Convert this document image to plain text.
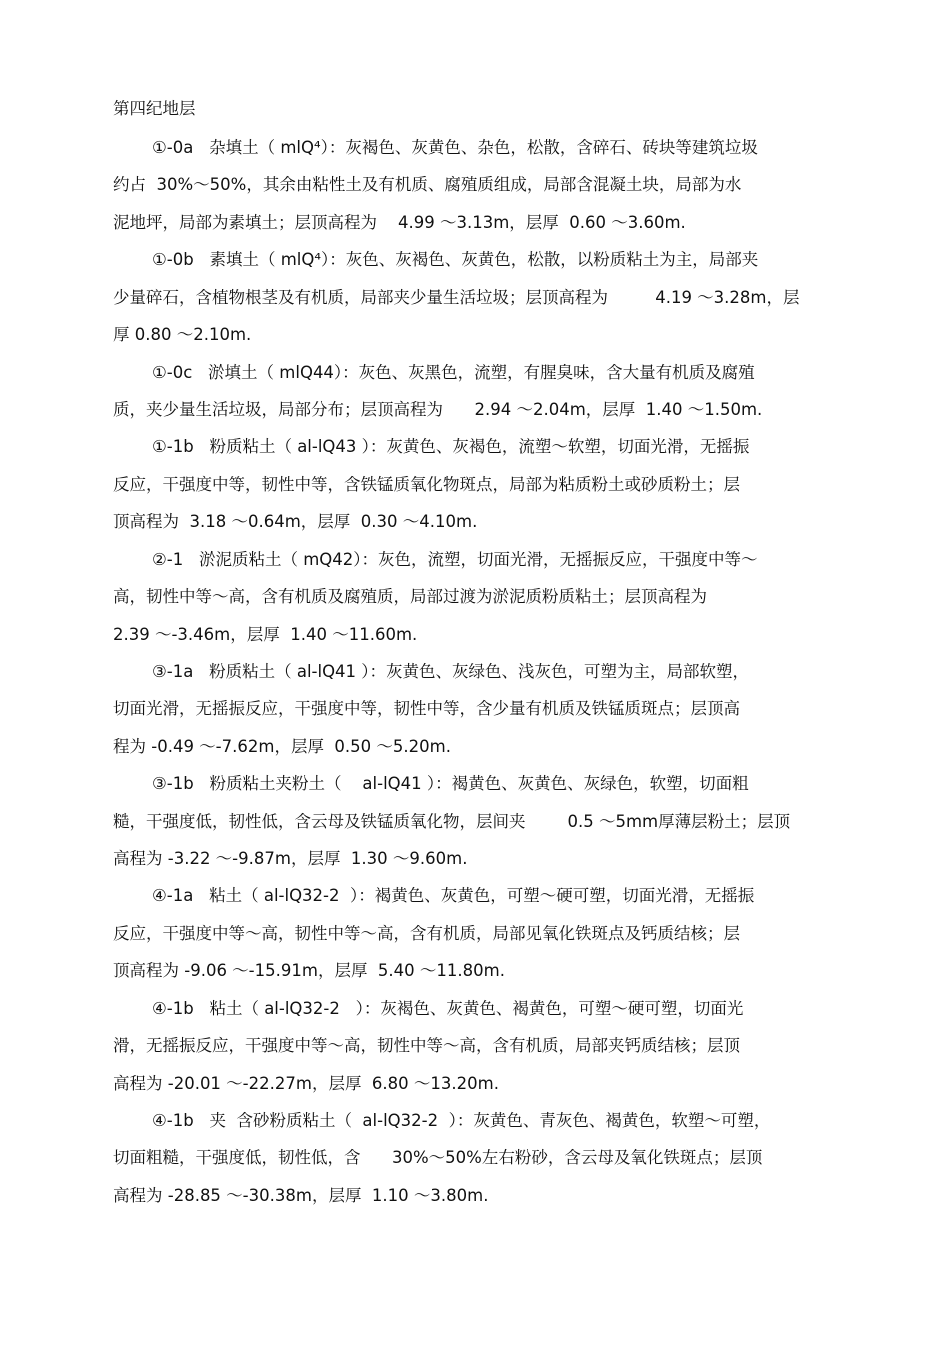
第四纪地层
①-0a   杂填土（ mlQ⁴）：灰褐色、灰黄色、杂色，松散，含碎石、砖块等建筑垃圾
约占  30%～50%，其余由粘性土及有机质、腐殖质组成，局部含混凝土块，局部为水
泥地坪，局部为素填土；层顶高程为    4.99 ～3.13m，层厚  0.60 ～3.60m.
①-0b   素填土（ mlQ⁴）：灰色、灰褐色、灰黄色，松散，以粉质粘土为主，局部夹
少量碎石，含植物根茎及有机质，局部夹少量生活垃圾；层顶高程为         4.19 ～3.28m，层
厚 0.80 ～2.10m.
①-0c   淤填土（ mlQ44）：灰色、灰黑色，流塑，有腥臭味，含大量有机质及腐殖
质，夹少量生活垃圾，局部分布；层顶高程为      2.94 ～2.04m，层厚  1.40 ～1.50m.
①-1b   粉质粘土（ al-lQ43 ）：灰黄色、灰褐色，流塑～软塑，切面光滑，无摇振
反应，干强度中等，韧性中等，含铁锰质氧化物斑点，局部为粘质粉土或砂质粉土；层
顶高程为  3.18 ～0.64m，层厚  0.30 ～4.10m.
②-1   淤泥质粘土（ mQ42）：灰色，流塑，切面光滑，无摇振反应，干强度中等～
高，韧性中等～高，含有机质及腐殖质，局部过渡为淤泥质粉质粘土；层顶高程为
2.39 ～-3.46m，层厚  1.40 ～11.60m.
③-1a   粉质粘土（ al-lQ41 ）：灰黄色、灰绿色、浅灰色，可塑为主，局部软塑，
切面光滑，无摇振反应，干强度中等，韧性中等，含少量有机质及铁锰质斑点；层顶高
程为 -0.49 ～-7.62m，层厚  0.50 ～5.20m.
③-1b   粉质粘土夹粉土（    al-lQ41 ）：褐黄色、灰黄色、灰绿色，软塑，切面粗
糙，干强度低，韧性低，含云母及铁锰质氧化物，层间夹        0.5 ～5mm厚薄层粉土；层顶
高程为 -3.22 ～-9.87m，层厚  1.30 ～9.60m.
④-1a   粘土（ al-lQ32-2  ）：褐黄色、灰黄色，可塑～硬可塑，切面光滑，无摇振
反应，干强度中等～高，韧性中等～高，含有机质，局部见氧化铁斑点及钙质结核；层
顶高程为 -9.06 ～-15.91m，层厚  5.40 ～11.80m.
④-1b   粘土（ al-lQ32-2   ）：灰褐色、灰黄色、褐黄色，可塑～硬可塑，切面光
滑，无摇振反应，干强度中等～高，韧性中等～高，含有机质，局部夹钙质结核；层顶
高程为 -20.01 ～-22.27m，层厚  6.80 ～13.20m.
④-1b   夹  含砂粉质粘土（  al-lQ32-2  ）：灰黄色、青灰色、褐黄色，软塑～可塑，
切面粗糙，干强度低，韧性低，含      30%～50%左右粉砂，含云母及氧化铁斑点；层顶
高程为 -28.85 ～-30.38m，层厚  1.10 ～3.80m.
